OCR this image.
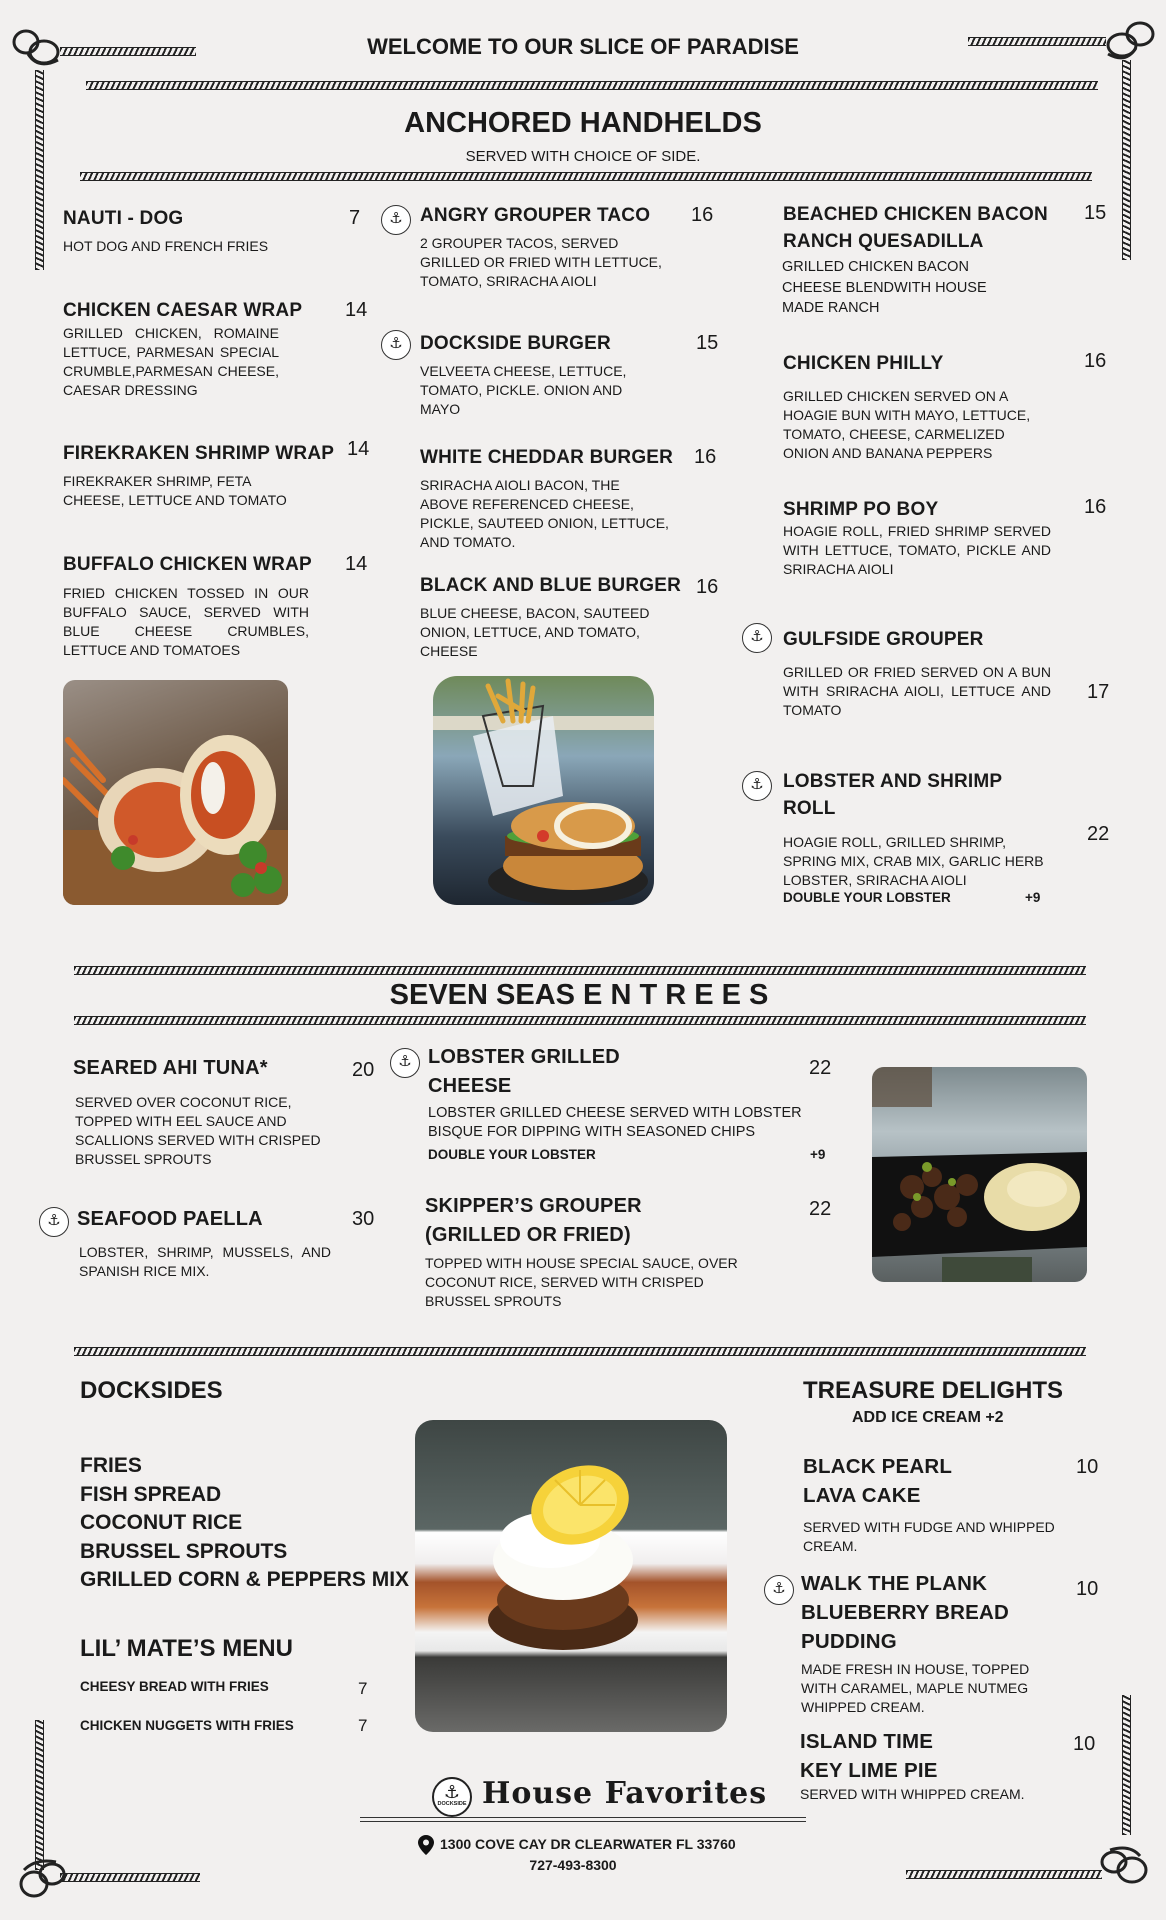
WELCOME TO OUR SLICE OF PARADISE
ANCHORED HANDHELDS
SERVED WITH CHOICE OF SIDE.
NAUTI - DOG	7
HOT DOG AND FRENCH FRIES
CHICKEN CAESAR WRAP 14
GRILLED CHICKEN, ROMAINE LETTUCE, PARMESAN SPECIAL CRUMBLE,PARMESAN CHEESE, CAESAR DRESSING
FIREKRAKEN SHRIMP WRAP 14
FIREKRAKER SHRIMP, FETA CHEESE, LETTUCE AND TOMATO
BUFFALO CHICKEN WRAP 14
FRIED CHICKEN TOSSED IN OUR BUFFALO SAUCE, SERVED WITH BLUE CHEESE CRUMBLES, LETTUCE AND TOMATOES
⚓
ANGRY GROUPER TACO 16
2 GROUPER TACOS, SERVED GRILLED OR FRIED WITH LETTUCE, TOMATO, SRIRACHA AIOLI
⚓
DOCKSIDE BURGER	15
VELVEETA CHEESE, LETTUCE, TOMATO, PICKLE. ONION AND MAYO
WHITE CHEDDAR BURGER 16
SRIRACHA AIOLI BACON, THE ABOVE REFERENCED CHEESE, PICKLE, SAUTEED ONION, LETTUCE, AND TOMATO.
BLACK AND BLUE BURGER 16
BLUE CHEESE, BACON, SAUTEED ONION, LETTUCE, AND TOMATO, CHEESE
BEACHED CHICKEN BACON RANCH QUESADILLA
15
GRILLED CHICKEN BACON CHEESE BLENDWITH HOUSE MADE RANCH
CHICKEN PHILLY	16
GRILLED CHICKEN SERVED ON A HOAGIE BUN WITH MAYO, LETTUCE, TOMATO, CHEESE, CARMELIZED ONION AND BANANA PEPPERS
SHRIMP PO BOY	16
HOAGIE ROLL, FRIED SHRIMP SERVED WITH LETTUCE, TOMATO, PICKLE AND SRIRACHA AIOLI
⚓
GULFSIDE GROUPER
17
GRILLED OR FRIED SERVED ON A BUN WITH SRIRACHA AIOLI, LETTUCE AND TOMATO
⚓
LOBSTER AND SHRIMP ROLL
22
HOAGIE ROLL, GRILLED SHRIMP, SPRING MIX, CRAB MIX, GARLIC HERB LOBSTER, SRIRACHA AIOLI
DOUBLE YOUR LOBSTER	+9
SEVEN SEAS E N T R E E S
SEARED AHI TUNA*	20
SERVED OVER COCONUT RICE, TOPPED WITH EEL SAUCE AND SCALLIONS SERVED WITH CRISPED BRUSSEL SPROUTS
⚓
SEAFOOD PAELLA	30
LOBSTER, SHRIMP, MUSSELS, AND SPANISH RICE MIX.
⚓
LOBSTER GRILLED CHEESE
22
LOBSTER GRILLED CHEESE SERVED WITH LOBSTER BISQUE FOR DIPPING WITH SEASONED CHIPS
DOUBLE YOUR LOBSTER	+9
SKIPPER’S GROUPER (GRILLED OR FRIED)
22
TOPPED WITH HOUSE SPECIAL SAUCE, OVER COCONUT RICE, SERVED WITH CRISPED BRUSSEL SPROUTS
DOCKSIDES
FRIES
FISH SPREAD
COCONUT RICE
BRUSSEL SPROUTS
GRILLED CORN & PEPPERS MIX
LIL’ MATE’S MENU
CHEESY BREAD WITH FRIES	7
CHICKEN NUGGETS WITH FRIES	7
TREASURE DELIGHTS
ADD ICE CREAM +2
BLACK PEARL LAVA CAKE
10
SERVED WITH FUDGE AND WHIPPED CREAM.
⚓
WALK THE PLANK BLUEBERRY BREAD PUDDING
10
MADE FRESH IN HOUSE, TOPPED WITH CARAMEL, MAPLE NUTMEG WHIPPED CREAM.
ISLAND TIME KEY LIME PIE
10
SERVED WITH WHIPPED CREAM.
⚓
DOCKSIDE House Favorites
1300 COVE CAY DR CLEARWATER FL 33760
727-493-8300
